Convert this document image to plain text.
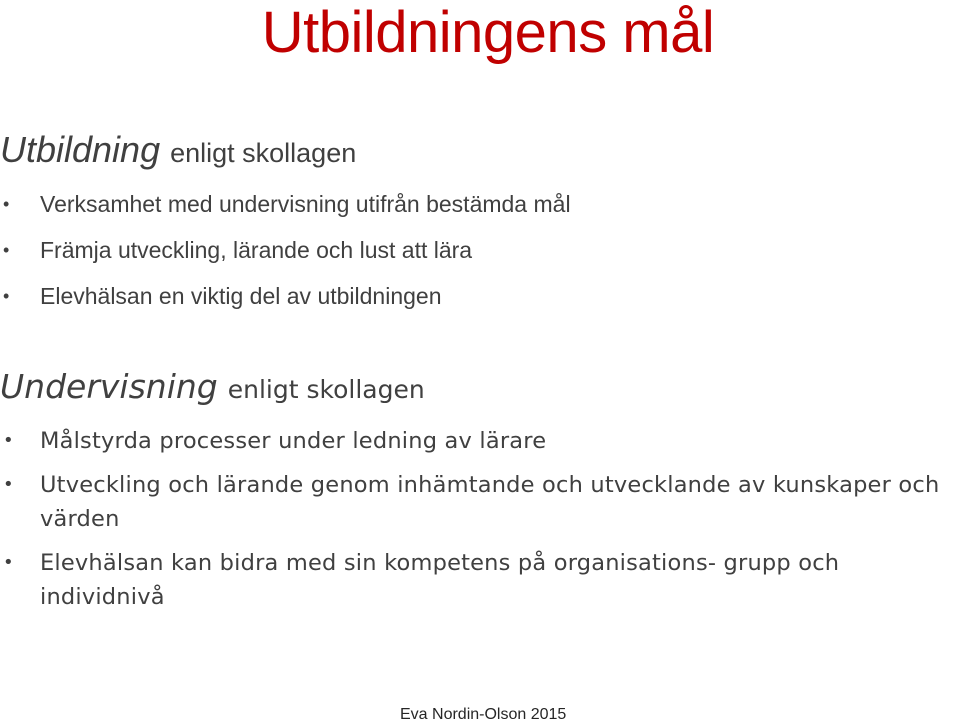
Utbildningens mål
Utbildning enligt skollagen
• Verksamhet med undervisning utifrån bestämda mål
• Främja utveckling, lärande och lust att lära
• Elevhälsan en viktig del av utbildningen
Undervisning enligt skollagen
• Målstyrda processer under ledning av lärare
• Utveckling och lärande genom inhämtande och utvecklande av kunskaper och värden
• Elevhälsan kan bidra med sin kompetens på organisations- grupp och individnivå
Eva Nordin-Olson 2015
